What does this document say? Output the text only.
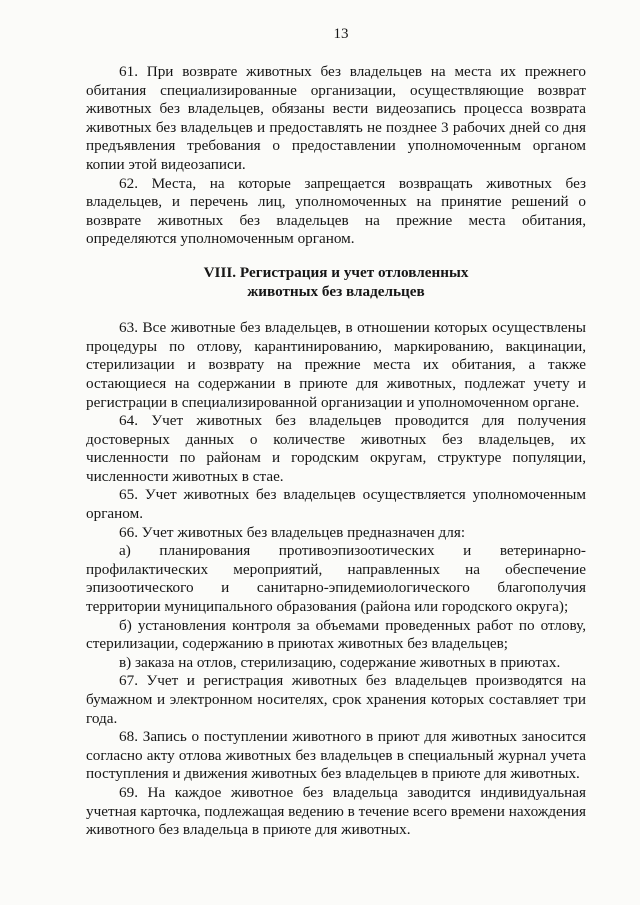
13

61. При возврате животных без владельцев на места их прежнего обитания специализированные организации, осуществляющие возврат животных без владельцев, обязаны вести видеозапись процесса возврата животных без владельцев и предоставлять не позднее 3 рабочих дней со дня предъявления требования о предоставлении уполномоченным органом копии этой видеозаписи.

62. Места, на которые запрещается возвращать животных без владельцев, и перечень лиц, уполномоченных на принятие решений о возврате животных без владельцев на прежние места обитания, определяются уполномоченным органом.

VIII. Регистрация и учет отловленных
животных без владельцев

63. Все животные без владельцев, в отношении которых осуществлены процедуры по отлову, карантинированию, маркированию, вакцинации, стерилизации и возврату на прежние места их обитания, а также остающиеся на содержании в приюте для животных, подлежат учету и регистрации в специализированной организации и уполномоченном органе.

64. Учет животных без владельцев проводится для получения достоверных данных о количестве животных без владельцев, их численности по районам и городским округам, структуре популяции, численности животных в стае.

65. Учет животных без владельцев осуществляется уполномоченным органом.

66. Учет животных без владельцев предназначен для:

а) планирования противоэпизоотических и ветеринарно-профилактических мероприятий, направленных на обеспечение эпизоотического и санитарно-эпидемиологического благополучия территории муниципального образования (района или городского округа);

б) установления контроля за объемами проведенных работ по отлову, стерилизации, содержанию в приютах животных без владельцев;

в) заказа на отлов, стерилизацию, содержание животных в приютах.

67. Учет и регистрация животных без владельцев производятся на бумажном и электронном носителях, срок хранения которых составляет три года.

68. Запись о поступлении животного в приют для животных заносится согласно акту отлова животных без владельцев в специальный журнал учета поступления и движения животных без владельцев в приюте для животных.

69. На каждое животное без владельца заводится индивидуальная учетная карточка, подлежащая ведению в течение всего времени нахождения животного без владельца в приюте для животных.
